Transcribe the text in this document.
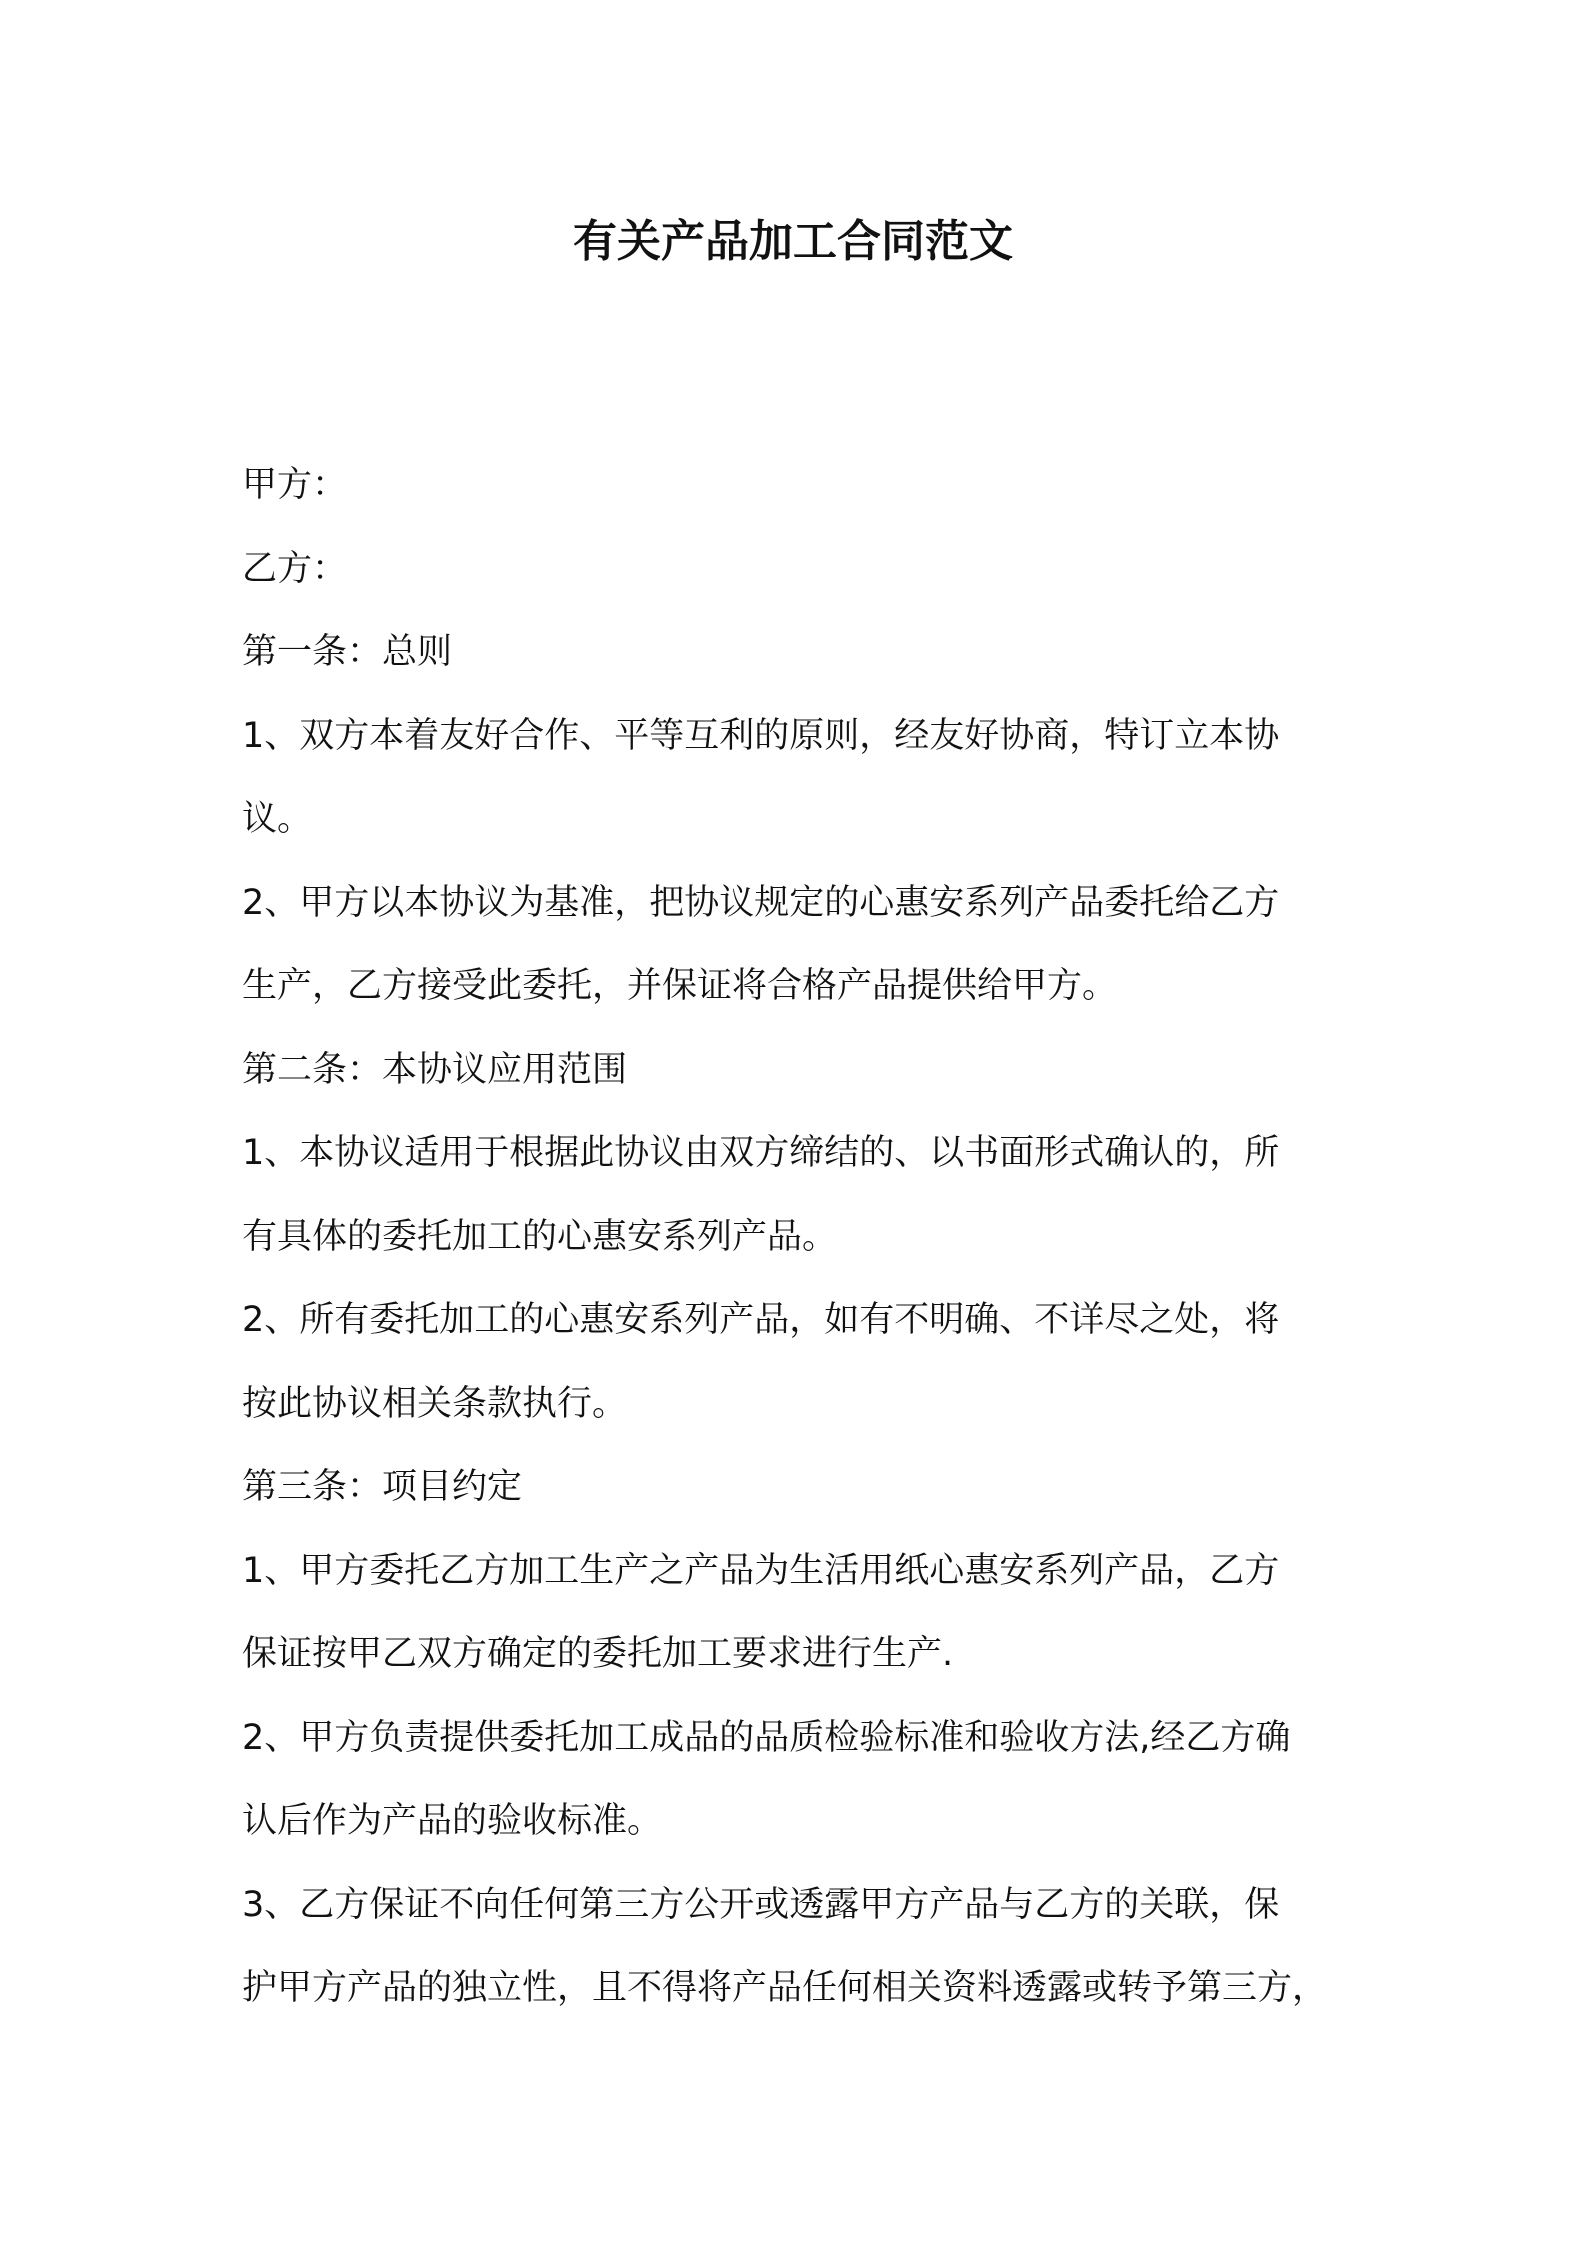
有关产品加工合同范文
甲方：
乙方：
第一条：总则
1、双方本着友好合作、平等互利的原则，经友好协商，特订立本协
议。
2、甲方以本协议为基准，把协议规定的心惠安系列产品委托给乙方
生产，乙方接受此委托，并保证将合格产品提供给甲方。
第二条：本协议应用范围
1、本协议适用于根据此协议由双方缔结的、以书面形式确认的，所
有具体的委托加工的心惠安系列产品。
2、所有委托加工的心惠安系列产品，如有不明确、不详尽之处，将
按此协议相关条款执行。
第三条：项目约定
1、甲方委托乙方加工生产之产品为生活用纸心惠安系列产品，乙方
保证按甲乙双方确定的委托加工要求进行生产.
2、甲方负责提供委托加工成品的品质检验标准和验收方法,经乙方确
认后作为产品的验收标准。
3、乙方保证不向任何第三方公开或透露甲方产品与乙方的关联，保
护甲方产品的独立性，且不得将产品任何相关资料透露或转予第三方，
